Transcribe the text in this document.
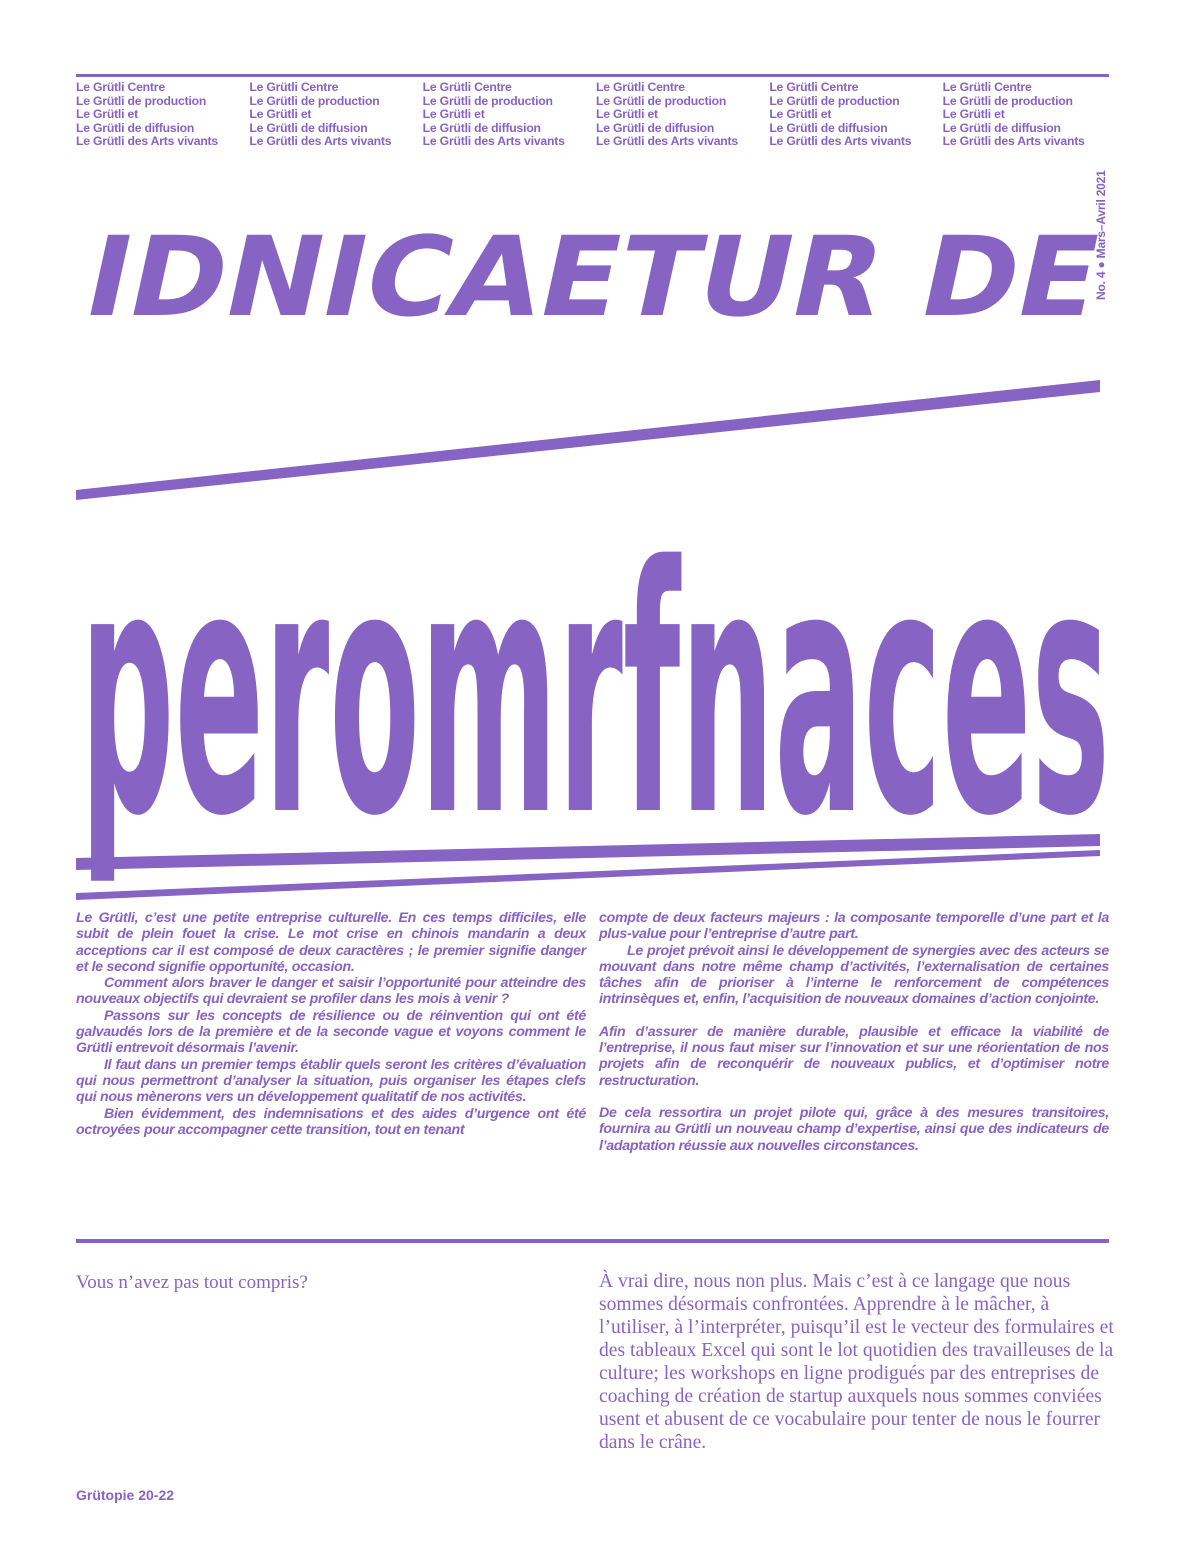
Le Grütli Centre
Le Grütli de production
Le Grütli et
Le Grütli de diffusion
Le Grütli des Arts vivants
Le Grütli Centre
Le Grütli de production
Le Grütli et
Le Grütli de diffusion
Le Grütli des Arts vivants
Le Grütli Centre
Le Grütli de production
Le Grütli et
Le Grütli de diffusion
Le Grütli des Arts vivants
Le Grütli Centre
Le Grütli de production
Le Grütli et
Le Grütli de diffusion
Le Grütli des Arts vivants
Le Grütli Centre
Le Grütli de production
Le Grütli et
Le Grütli de diffusion
Le Grütli des Arts vivants
Le Grütli Centre
Le Grütli de production
Le Grütli et
Le Grütli de diffusion
Le Grütli des Arts vivants
No. 4 ● Mars–Avril 2021
IDNICAETUR DE
peromrfnaces

Le Grütli, c’est une petite entreprise culturelle. En ces temps difficiles, elle subit de plein fouet la crise. Le mot crise en chinois mandarin a deux acceptions car il est composé de deux caractères ; le premier signifie danger et le second signifie opportunité, occasion.

Comment alors braver le danger et saisir l’opportunité pour atteindre des nouveaux objectifs qui devraient se profiler dans les mois à venir ?

Passons sur les concepts de résilience ou de réinvention qui ont été galvaudés lors de la première et de la seconde vague et voyons comment le Grütli entrevoit désormais l’avenir.

Il faut dans un premier temps établir quels seront les critères d’évaluation qui nous permettront d’analyser la situation, puis organiser les étapes clefs qui nous mènerons vers un développement qualitatif de nos activités.

Bien évidemment, des indemnisations et des aides d’urgence ont été octroyées pour accompagner cette transition, tout en tenant

compte de deux facteurs majeurs : la composante temporelle d’une part et la plus-value pour l’entreprise d’autre part.

Le projet prévoit ainsi le développement de synergies avec des acteurs se mouvant dans notre même champ d’activités, l’externalisation de certaines tâches afin de prioriser à l’interne le renforcement de compétences intrinsèques et, enfin, l’acquisition de nouveaux domaines d’action conjointe.

Afin d’assurer de manière durable, plausible et efficace la viabilité de l’entreprise, il nous faut miser sur l’innovation et sur une réorientation de nos projets afin de reconquérir de nouveaux publics, et d’optimiser notre restructuration.

De cela ressortira un projet pilote qui, grâce à des mesures transitoires, fournira au Grütli un nouveau champ d’expertise, ainsi que des indicateurs de l’adaptation réussie aux nouvelles circonstances.

Vous n’avez pas tout compris?	À vrai dire, nous non plus. Mais c’est à ce langage que nous sommes désormais confrontées. Apprendre à le mâcher, à l’utiliser, à l’interpréter, puisqu’il est le vecteur des formulaires et des tableaux Excel qui sont le lot quotidien des travailleuses de la culture; les workshops en ligne prodigués par des entreprises de coaching de création de startup auxquels nous sommes conviées usent et abusent de ce vocabulaire pour tenter de nous le fourrer dans le crâne.
Grütopie 20-22
